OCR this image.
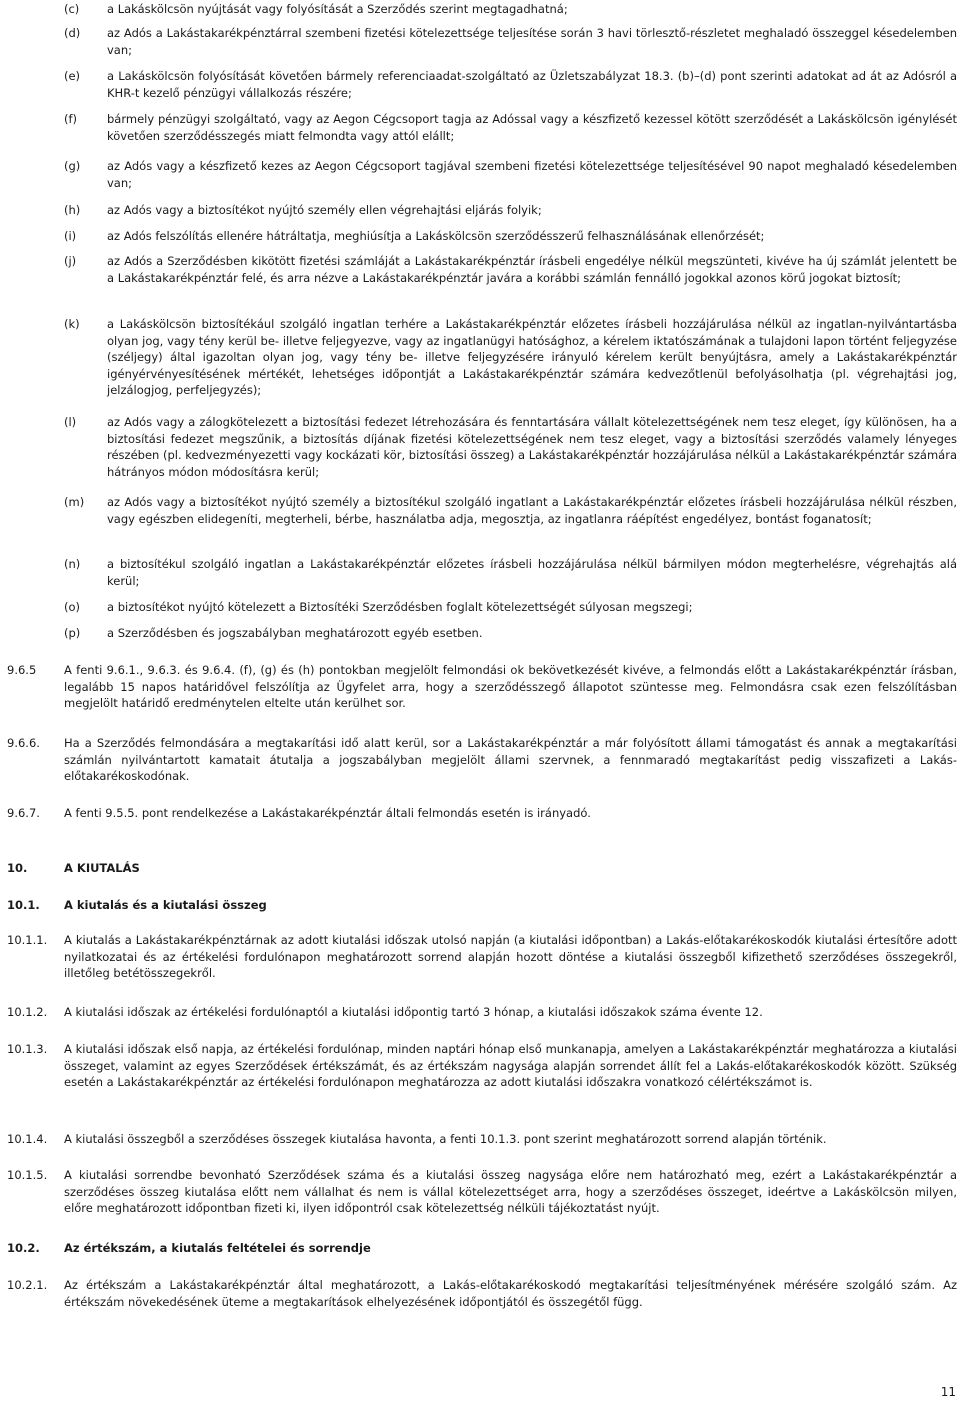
(c) a Lakáskölcsön nyújtását vagy folyósítását a Szerződés szerint megtagadhatná;
(d) az Adós a Lakástakarékpénztárral szembeni fizetési kötelezettsége teljesítése során 3 havi törlesztő-részletet meghaladó összeggel késedelemben van;
(e) a Lakáskölcsön folyósítását követően bármely referenciaadat-szolgáltató az Üzletszabályzat 18.3. (b)–(d) pont szerinti adatokat ad át az Adósról a KHR-t kezelő pénzügyi vállalkozás részére;
(f)	bármely pénzügyi szolgáltató, vagy az Aegon Cégcsoport tagja az Adóssal vagy a készfizető kezessel kötött szerződését a Lakáskölcsön igénylését követően szerződésszegés miatt felmondta vagy attól elállt;
(g) az Adós vagy a készfizető kezes az Aegon Cégcsoport tagjával szembeni fizetési kötelezettsége teljesítésével 90 napot meghaladó késedelemben van;
(h) az Adós vagy a biztosítékot nyújtó személy ellen végrehajtási eljárás folyik;
(i)	az Adós felszólítás ellenére hátráltatja, meghiúsítja a Lakáskölcsön szerződésszerű felhasználásának ellenőrzését;
(j)	az Adós a Szerződésben kikötött fizetési számláját a Lakástakarékpénztár írásbeli engedélye nélkül megszünteti, kivéve ha új számlát jelentett be a Lakástakarékpénztár felé, és arra nézve a Lakástakarékpénztár javára a korábbi számlán fennálló jogokkal azonos körű jogokat biztosít;
(k) a Lakáskölcsön biztosítékául szolgáló ingatlan terhére a Lakástakarékpénztár előzetes írásbeli hozzájárulása nélkül az ingatlan-nyilvántartásba olyan jog, vagy tény kerül be- illetve feljegyezve, vagy az ingatlanügyi hatósághoz, a kérelem iktatószámának a tulajdoni lapon történt feljegyzése (széljegy) által igazoltan olyan jog, vagy tény be- illetve feljegyzésére irányuló kérelem került benyújtásra, amely a Lakástakarékpénztár igényérvényesítésének mértékét, lehetséges időpontját a Lakástakarékpénztár számára kedvezőtlenül befolyásolhatja (pl. végrehajtási jog, jelzálogjog, perfeljegyzés);
(l)	az Adós vagy a zálogkötelezett a biztosítási fedezet létrehozására és fenntartására vállalt kötelezettségének nem tesz eleget, így különösen, ha a biztosítási fedezet megszűnik, a biztosítás díjának fizetési kötelezettségének nem tesz eleget, vagy a biztosítási szerződés valamely lényeges részében (pl. kedvezményezetti vagy kockázati kör, biztosítási összeg) a Lakástakarékpénztár hozzájárulása nélkül a Lakástakarékpénztár számára hátrányos módon módosításra kerül;
(m) az Adós vagy a biztosítékot nyújtó személy a biztosítékul szolgáló ingatlant a Lakástakarékpénztár előzetes írásbeli hozzájárulása nélkül részben, vagy egészben elidegeníti, megterheli, bérbe, használatba adja, megosztja, az ingatlanra ráépítést engedélyez, bontást foganatosít;
(n) a biztosítékul szolgáló ingatlan a Lakástakarékpénztár előzetes írásbeli hozzájárulása nélkül bármilyen módon megterhelésre, végrehajtás alá kerül;
(o) a biztosítékot nyújtó kötelezett a Biztosítéki Szerződésben foglalt kötelezettségét súlyosan megszegi;
(p) a Szerződésben és jogszabályban meghatározott egyéb esetben.
9.6.5 A fenti 9.6.1., 9.6.3. és 9.6.4. (f), (g) és (h) pontokban megjelölt felmondási ok bekövetkezését kivéve, a felmondás előtt a Lakástakarékpénztár írásban, legalább 15 napos határidővel felszólítja az Ügyfelet arra, hogy a szerződésszegő állapotot szüntesse meg. Felmondásra csak ezen felszólításban megjelölt határidő eredménytelen eltelte után kerülhet sor.
9.6.6. Ha a Szerződés felmondására a megtakarítási idő alatt kerül, sor a Lakástakarékpénztár a már folyósított állami támogatást és annak a megtakarítási számlán nyilvántartott kamatait átutalja a jogszabályban megjelölt állami szervnek, a fennmaradó megtakarítást pedig visszafizeti a Lakás-előtakarékoskodónak.
9.6.7. A fenti 9.5.5. pont rendelkezése a Lakástakarékpénztár általi felmondás esetén is irányadó.
10.	A KIUTALÁS
10.1. A kiutalás és a kiutalási összeg
10.1.1. A kiutalás a Lakástakarékpénztárnak az adott kiutalási időszak utolsó napján (a kiutalási időpontban) a Lakás-előtakarékoskodók kiutalási értesítőre adott nyilatkozatai és az értékelési fordulónapon meghatározott sorrend alapján hozott döntése a kiutalási összegből kifizethető szerződéses összegekről, illetőleg betétösszegekről.
10.1.2. A kiutalási időszak az értékelési fordulónaptól a kiutalási időpontig tartó 3 hónap, a kiutalási időszakok száma évente 12.
10.1.3. A kiutalási időszak első napja, az értékelési fordulónap, minden naptári hónap első munkanapja, amelyen a Lakástakarékpénztár meghatározza a kiutalási összeget, valamint az egyes Szerződések értékszámát, és az értékszám nagysága alapján sorrendet állít fel a Lakás-előtakarékoskodók között. Szükség esetén a Lakástakarékpénztár az értékelési fordulónapon meghatározza az adott kiutalási időszakra vonatkozó célértékszámot is.
10.1.4. A kiutalási összegből a szerződéses összegek kiutalása havonta, a fenti 10.1.3. pont szerint meghatározott sorrend alapján történik.
10.1.5. A kiutalási sorrendbe bevonható Szerződések száma és a kiutalási összeg nagysága előre nem határozható meg, ezért a Lakástakarékpénztár a szerződéses összeg kiutalása előtt nem vállalhat és nem is vállal kötelezettséget arra, hogy a szerződéses összeget, ideértve a Lakáskölcsön milyen, előre meghatározott időpontban fizeti ki, ilyen időpontról csak kötelezettség nélküli tájékoztatást nyújt.
10.2. Az értékszám, a kiutalás feltételei és sorrendje
10.2.1. Az értékszám a Lakástakarékpénztár által meghatározott, a Lakás-előtakarékoskodó megtakarítási teljesítményének mérésére szolgáló szám. Az értékszám növekedésének üteme a megtakarítások elhelyezésének időpontjától és összegétől függ.
11
